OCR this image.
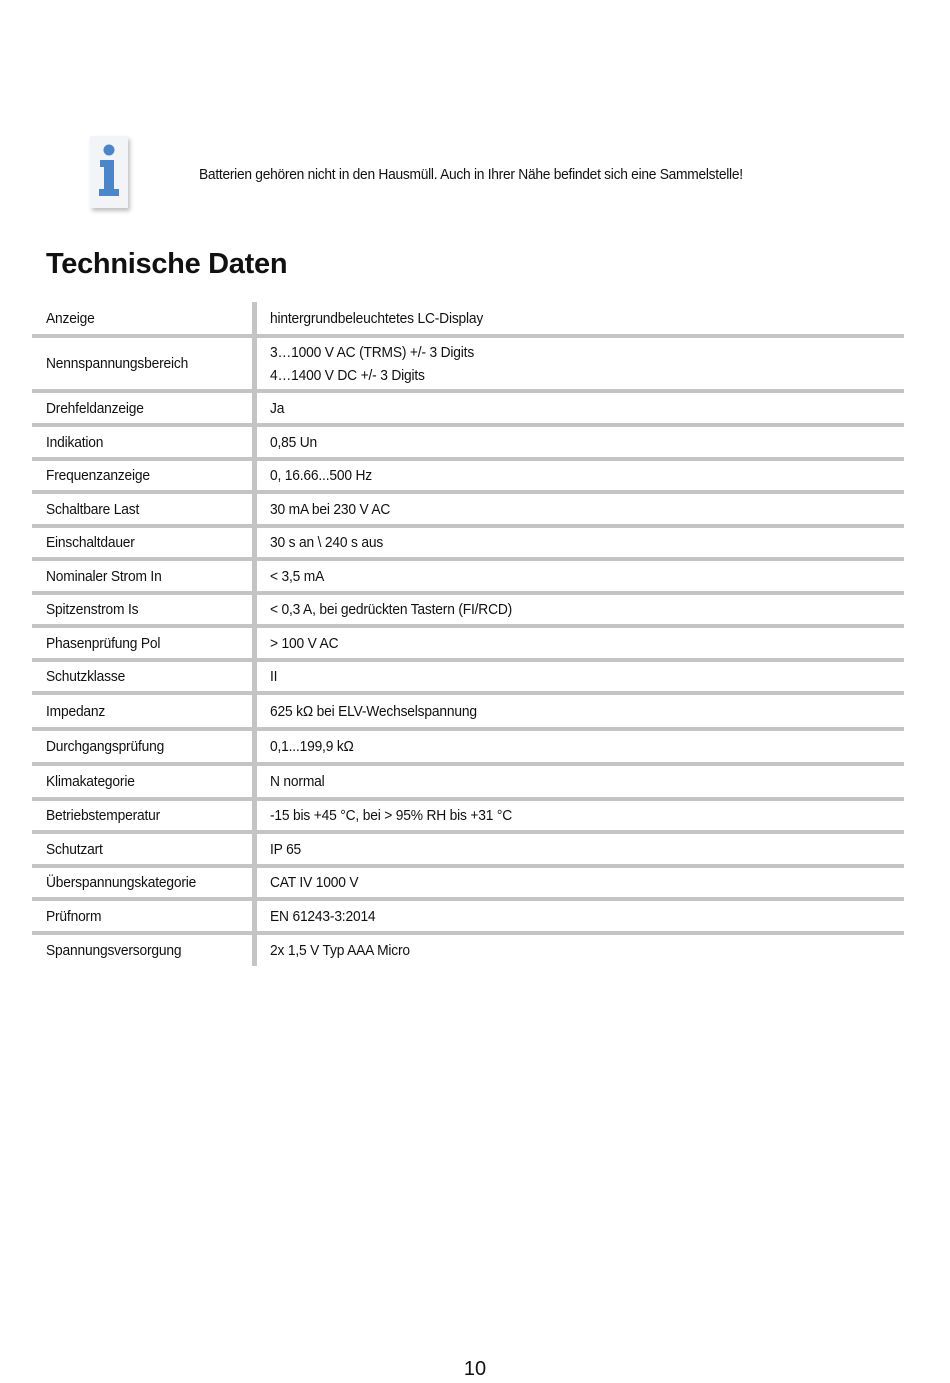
Batterien gehören nicht in den Hausmüll. Auch in Ihrer Nähe befindet sich eine Sammelstelle!
Technische Daten
Anzeige	hintergrundbeleuchtetes LC-Display
Nennspannungsbereich	3…1000 V AC (TRMS) +/- 3 Digits
4…1400 V DC +/- 3 Digits

Drehfeldanzeige	Ja
Indikation	0,85 Un
Frequenzanzeige	0, 16.66...500 Hz
Schaltbare Last	30 mA bei 230 V AC
Einschaltdauer	30 s an \ 240 s aus
Nominaler Strom In	< 3,5 mA
Spitzenstrom Is	< 0,3 A, bei gedrückten Tastern (FI/RCD)
Phasenprüfung Pol	> 100 V AC
Schutzklasse	II
Impedanz	625 kΩ bei ELV-Wechselspannung
Durchgangsprüfung	0,1...199,9 kΩ
Klimakategorie	N normal
Betriebstemperatur	-15 bis +45 °C, bei > 95% RH bis +31 °C
Schutzart	IP 65
Überspannungskategorie	CAT IV 1000 V
Prüfnorm	EN 61243-3:2014
Spannungsversorgung	2x 1,5 V Typ AAA Micro
10
